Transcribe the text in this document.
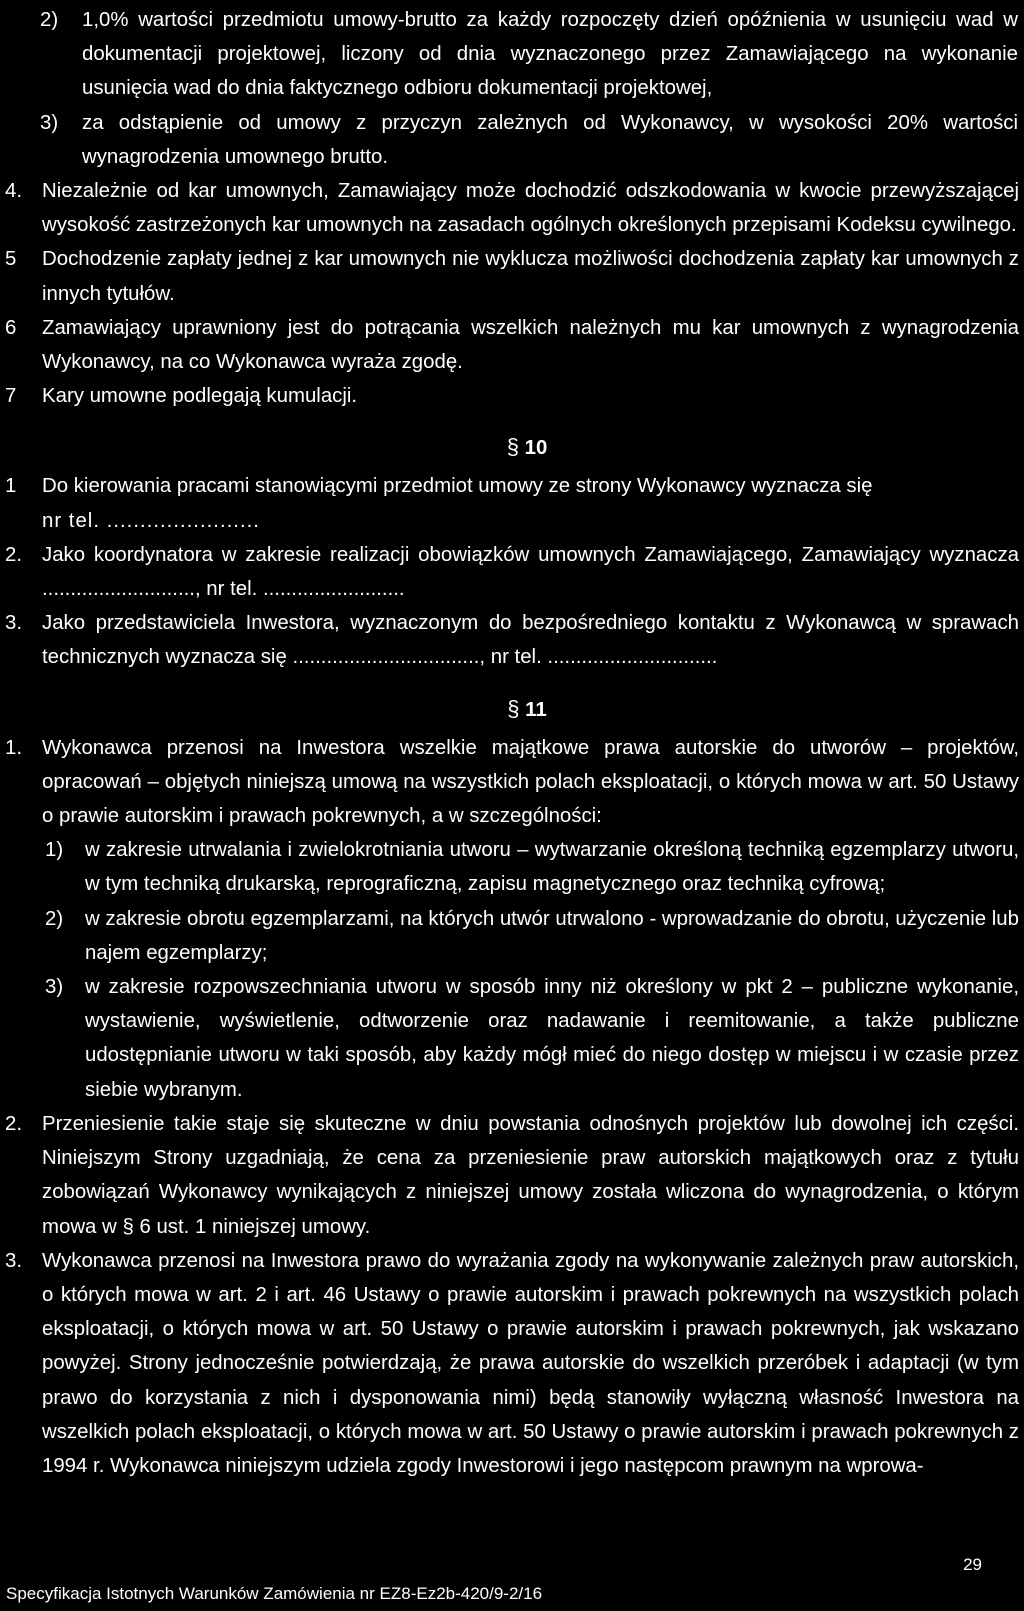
2)	1,0% wartości przedmiotu umowy-brutto za każdy rozpoczęty dzień opóźnienia w usunięciu wad w dokumentacji projektowej, liczony od dnia wyznaczonego przez Zamawiającego na wykonanie usunięcia wad do dnia faktycznego odbioru dokumentacji projektowej,
3)	za odstąpienie od umowy z przyczyn zależnych od Wykonawcy, w wysokości 20% wartości wynagrodzenia umownego brutto.
4. Niezależnie od kar umownych, Zamawiający może dochodzić odszkodowania w kwocie przewyższającej wysokość zastrzeżonych kar umownych na zasadach ogólnych określonych przepisami Kodeksu cywilnego.
5	Dochodzenie zapłaty jednej z kar umownych nie wyklucza możliwości dochodzenia zapłaty kar umownych z innych tytułów.
6	Zamawiający uprawniony jest do potrącania wszelkich należnych mu kar umownych z wynagrodzenia Wykonawcy, na co Wykonawca wyraża zgodę.
7	Kary umowne podlegają kumulacji.
§ 10
1	Do kierowania pracami stanowiącymi przedmiot umowy ze strony Wykonawcy wyznacza się
nr tel. .......................
2. Jako koordynatora w zakresie realizacji obowiązków umownych Zamawiającego, Zamawiający wyznacza ..........................., nr tel. .........................
3. Jako przedstawiciela Inwestora, wyznaczonym do bezpośredniego kontaktu z Wykonawcą w sprawach technicznych wyznacza się ................................., nr tel. ..............................
§ 11
1. Wykonawca przenosi na Inwestora wszelkie majątkowe prawa autorskie do utworów – projektów, opracowań – objętych niniejszą umową na wszystkich polach eksploatacji, o których mowa w art. 50 Ustawy o prawie autorskim i prawach pokrewnych, a w szczególności:
1)	w zakresie utrwalania i zwielokrotniania utworu – wytwarzanie określoną techniką egzemplarzy utworu, w tym techniką drukarską, reprograficzną, zapisu magnetycznego oraz techniką cyfrową;
2)	w zakresie obrotu egzemplarzami, na których utwór utrwalono - wprowadzanie do obrotu, użyczenie lub najem egzemplarzy;
3)	w zakresie rozpowszechniania utworu w sposób inny niż określony w pkt 2 – publiczne wykonanie, wystawienie, wyświetlenie, odtworzenie oraz nadawanie i reemitowanie, a także publiczne udostępnianie utworu w taki sposób, aby każdy mógł mieć do niego dostęp w miejscu i w czasie przez siebie wybranym.
2. Przeniesienie takie staje się skuteczne w dniu powstania odnośnych projektów lub dowolnej ich części. Niniejszym Strony uzgadniają, że cena za przeniesienie praw autorskich majątkowych oraz z tytułu zobowiązań Wykonawcy wynikających z niniejszej umowy została wliczona do wynagrodzenia, o którym mowa w § 6 ust. 1 niniejszej umowy.
3. Wykonawca przenosi na Inwestora prawo do wyrażania zgody na wykonywanie zależnych praw autorskich, o których mowa w art. 2 i art. 46 Ustawy o prawie autorskim i prawach pokrewnych na wszystkich polach eksploatacji, o których mowa w art. 50 Ustawy o prawie autorskim i prawach pokrewnych, jak wskazano powyżej. Strony jednocześnie potwierdzają, że prawa autorskie do wszelkich przeróbek i adaptacji (w tym prawo do korzystania z nich i dysponowania nimi) będą stanowiły wyłączną własność Inwestora na wszelkich polach eksploatacji, o których mowa w art. 50 Ustawy o prawie autorskim i prawach pokrewnych z 1994 r. Wykonawca niniejszym udziela zgody Inwestorowi i jego następcom prawnym na wprowa-
29
Specyfikacja Istotnych Warunków Zamówienia nr EZ8-Ez2b-420/9-2/16
